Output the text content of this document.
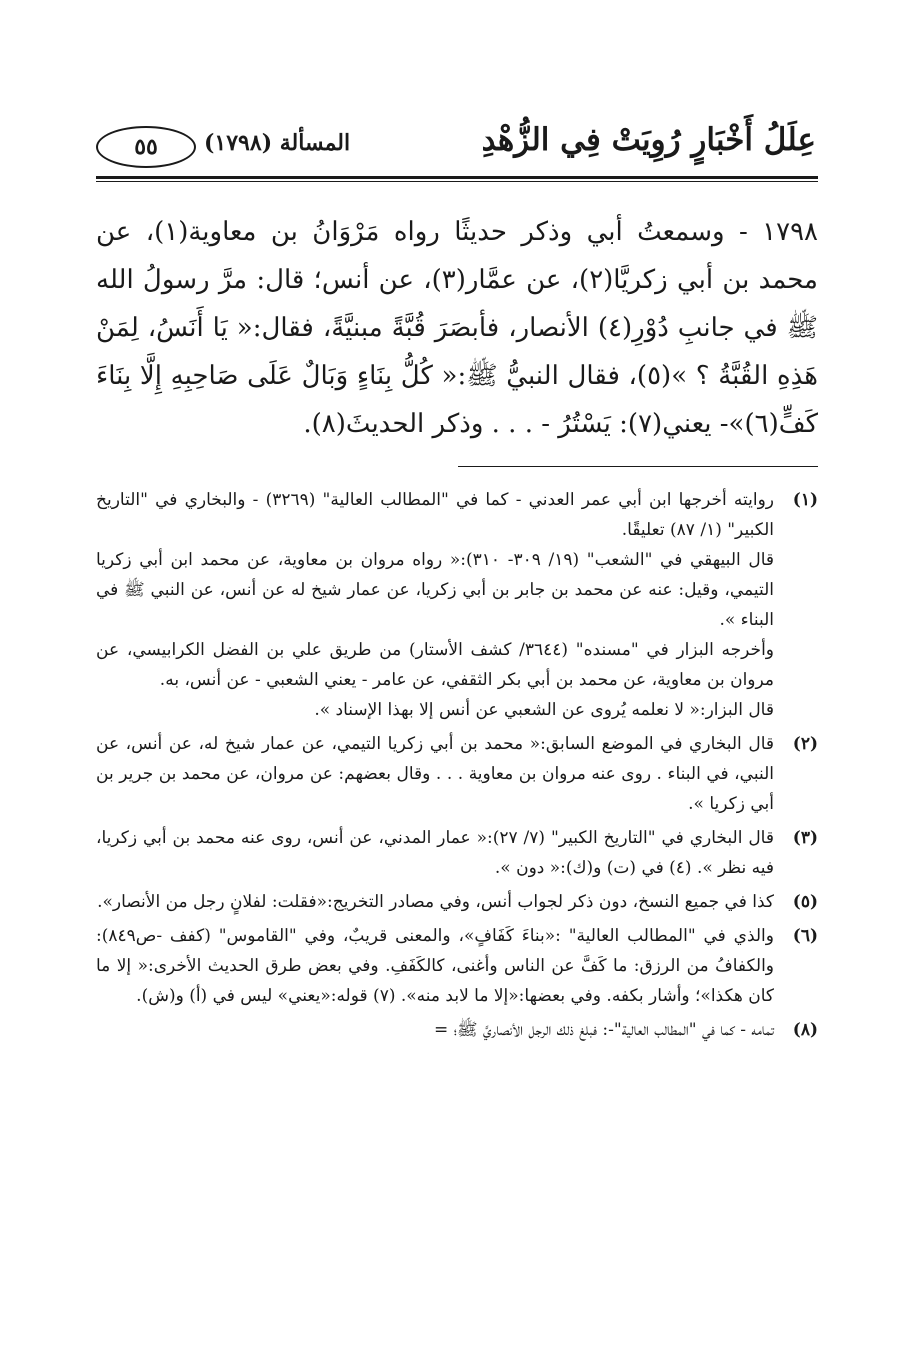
عِلَلُ أَخْبَارٍ رُوِيَتْ فِي الزُّهْدِ
المسألة (١٧٩٨)
٥٥

١٧٩٨ - وسمعتُ أبي وذكر حديثًا رواه مَرْوَانُ بن معاوية(١)، عن محمد بن أبي زكريَّا(٢)، عن عمَّار(٣)، عن أنس؛ قال: مرَّ رسولُ الله ﷺ في جانبِ دُوْرِ(٤) الأنصار، فأبصَرَ قُبَّةً مبنيَّةً، فقال:« يَا أَنَسُ، لِمَنْ هَذِهِ القُبَّةُ ؟ »(٥)، فقال النبيُّ ﷺ:« كُلُّ بِنَاءٍ وَبَالٌ عَلَى صَاحِبِهِ إِلَّا بِنَاءَ كَفٍّ(٦)»- يعني(٧): يَسْتُرُ - . . . وذكر الحديثَ(٨).

(١)

روايته أخرجها ابن أبي عمر العدني - كما في "المطالب العالية" (٣٢٦٩) - والبخاري في "التاريخ الكبير" (١/ ٨٧) تعليقًا.

قال البيهقي في "الشعب" (١٩/ ٣٠٩- ٣١٠):« رواه مروان بن معاوية، عن محمد ابن أبي زكريا التيمي، وقيل: عنه عن محمد بن جابر بن أبي زكريا، عن عمار شيخ له عن أنس، عن النبي ﷺ في البناء ».

وأخرجه البزار في "مسنده" (٣٦٤٤/ كشف الأستار) من طريق علي بن الفضل الكرابيسي، عن مروان بن معاوية، عن محمد بن أبي بكر الثقفي، عن عامر - يعني الشعبي - عن أنس، به.

قال البزار:« لا نعلمه يُروى عن الشعبي عن أنس إلا بهذا الإسناد ».

(٢)

قال البخاري في الموضع السابق:« محمد بن أبي زكريا التيمي، عن عمار شيخ له، عن أنس، عن النبي، في البناء . روى عنه مروان بن معاوية . . . وقال بعضهم: عن مروان، عن محمد بن جرير بن أبي زكريا ».

(٣)

قال البخاري في "التاريخ الكبير" (٧/ ٢٧):« عمار المدني، عن أنس، روى عنه محمد بن أبي زكريا، فيه نظر ». (٤) في (ت) و(ك):« دون ».

(٥)

كذا في جميع النسخ، دون ذكر لجواب أنس، وفي مصادر التخريج:«فقلت: لفلانٍ رجل من الأنصار».

(٦)

والذي في "المطالب العالية" :«بناءَ كَفَافٍ»، والمعنى قريبٌ، وفي "القاموس" (كفف -ص٨٤٩): والكفافُ من الرزق: ما كَفَّ عن الناس وأغنى، كالكَفَفِ. وفي بعض طرق الحديث الأخرى:« إلا ما كان هكذا»؛ وأشار بكفه. وفي بعضها:«إلا ما لابد منه». (٧) قوله:«يعني» ليس في (أ) و(ش).

(٨)

تمامه - كما في "المطالب العالية"-: فبلغ ذلك الرجل الأنصاريَّ ﷺ؛ =
